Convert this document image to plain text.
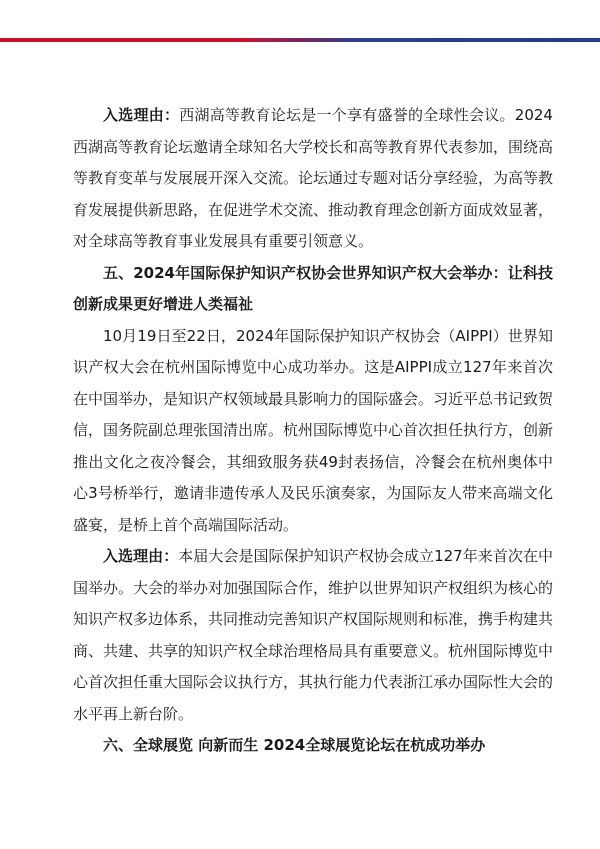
入选理由：西湖高等教育论坛是一个享有盛誉的全球性会议。2024 西湖高等教育论坛邀请全球知名大学校长和高等教育界代表参加，围绕高等教育变革与发展展开深入交流。论坛通过专题对话分享经验，为高等教育发展提供新思路，在促进学术交流、推动教育理念创新方面成效显著，对全球高等教育事业发展具有重要引领意义。

五、2024年国际保护知识产权协会世界知识产权大会举办：让科技创新成果更好增进人类福祉

10月19日至22日，2024年国际保护知识产权协会（AIPPI）世界知识产权大会在杭州国际博览中心成功举办。这是AIPPI成立127年来首次在中国举办，是知识产权领域最具影响力的国际盛会。习近平总书记致贺信，国务院副总理张国清出席。杭州国际博览中心首次担任执行方，创新推出文化之夜冷餐会，其细致服务获49封表扬信，冷餐会在杭州奥体中心3号桥举行，邀请非遗传承人及民乐演奏家，为国际友人带来高端文化盛宴，是桥上首个高端国际活动。

入选理由：本届大会是国际保护知识产权协会成立127年来首次在中国举办。大会的举办对加强国际合作，维护以世界知识产权组织为核心的知识产权多边体系，共同推动完善知识产权国际规则和标准，携手构建共商、共建、共享的知识产权全球治理格局具有重要意义。杭州国际博览中心首次担任重大国际会议执行方，其执行能力代表浙江承办国际性大会的水平再上新台阶。

六、全球展览 向新而生 2024全球展览论坛在杭成功举办
